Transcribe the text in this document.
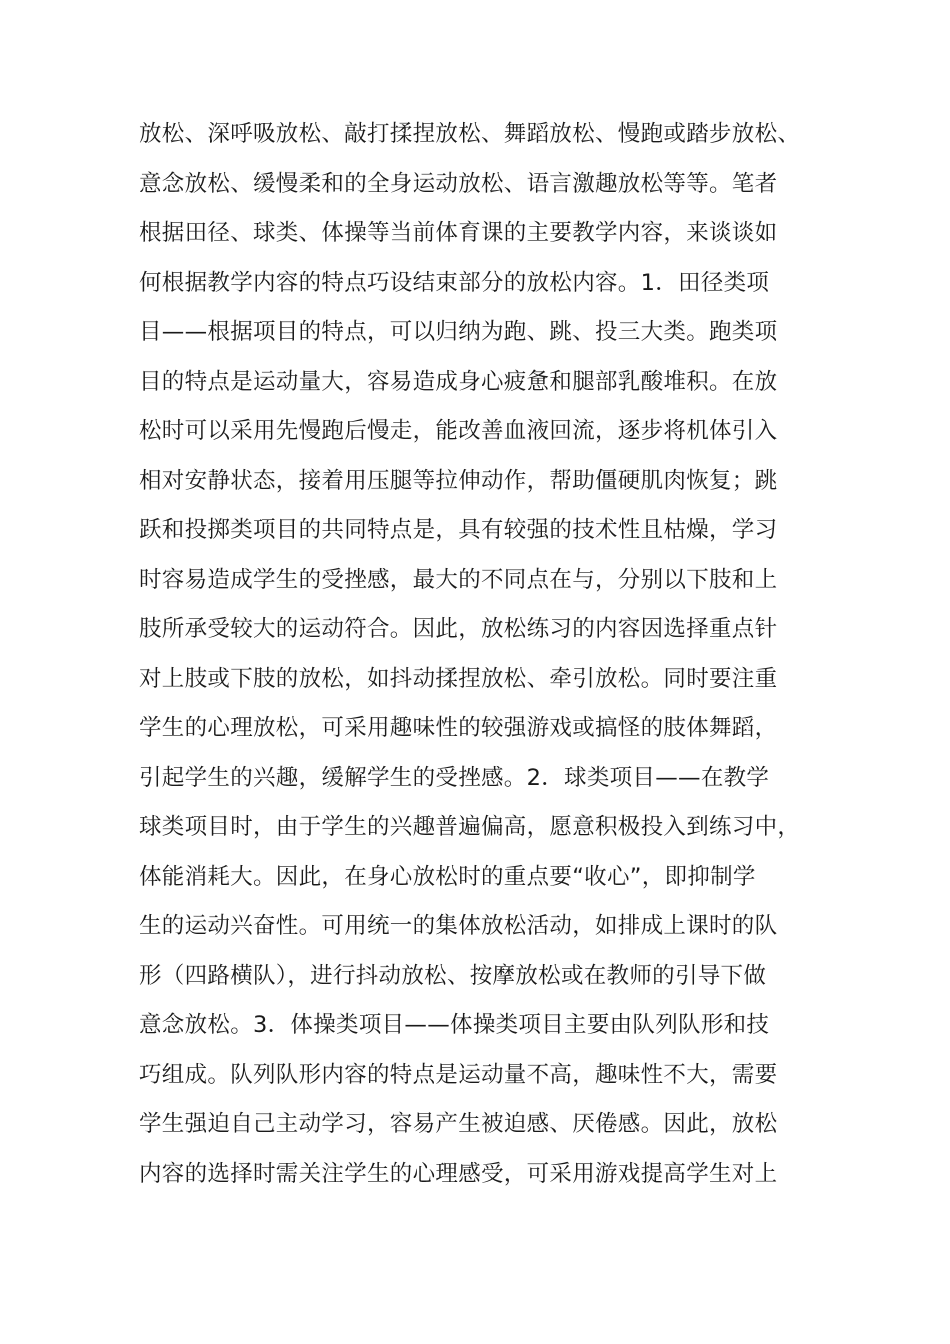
放松、深呼吸放松、敲打揉捏放松、舞蹈放松、慢跑或踏步放松、
意念放松、缓慢柔和的全身运动放松、语言激趣放松等等。笔者
根据田径、球类、体操等当前体育课的主要教学内容，来谈谈如
何根据教学内容的特点巧设结束部分的放松内容。1．田径类项
目——根据项目的特点，可以归纳为跑、跳、投三大类。跑类项
目的特点是运动量大，容易造成身心疲惫和腿部乳酸堆积。在放
松时可以采用先慢跑后慢走，能改善血液回流，逐步将机体引入
相对安静状态，接着用压腿等拉伸动作，帮助僵硬肌肉恢复；跳
跃和投掷类项目的共同特点是，具有较强的技术性且枯燥，学习
时容易造成学生的受挫感，最大的不同点在与，分别以下肢和上
肢所承受较大的运动符合。因此，放松练习的内容因选择重点针
对上肢或下肢的放松，如抖动揉捏放松、牵引放松。同时要注重
学生的心理放松，可采用趣味性的较强游戏或搞怪的肢体舞蹈，
引起学生的兴趣，缓解学生的受挫感。2．球类项目——在教学
球类项目时，由于学生的兴趣普遍偏高，愿意积极投入到练习中，
体能消耗大。因此，在身心放松时的重点要“收心”，即抑制学
生的运动兴奋性。可用统一的集体放松活动，如排成上课时的队
形（四路横队），进行抖动放松、按摩放松或在教师的引导下做
意念放松。3．体操类项目——体操类项目主要由队列队形和技
巧组成。队列队形内容的特点是运动量不高，趣味性不大，需要
学生强迫自己主动学习，容易产生被迫感、厌倦感。因此，放松
内容的选择时需关注学生的心理感受，可采用游戏提高学生对上
